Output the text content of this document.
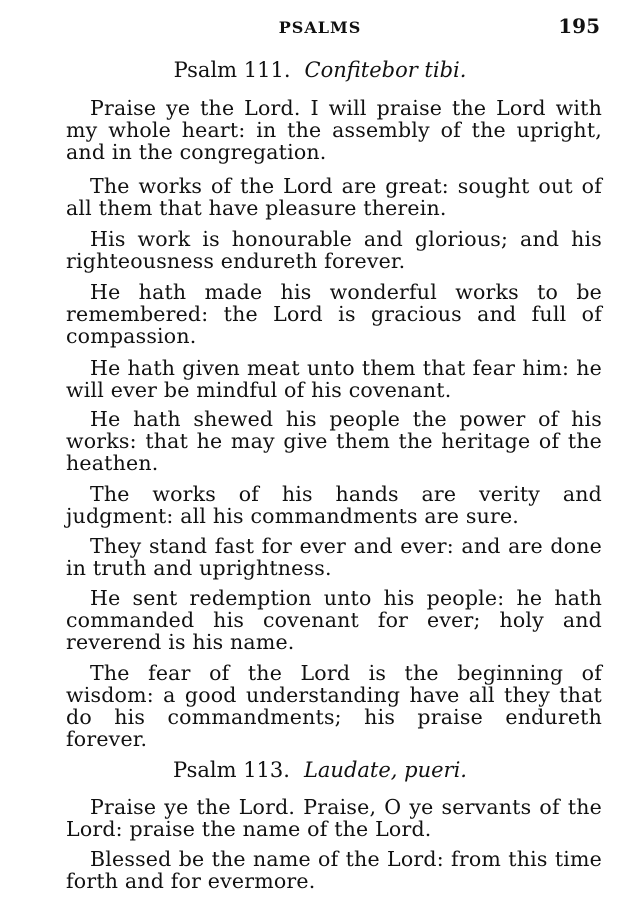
PSALMS	195
Psalm 111. Confitebor tibi.

Praise ye the Lord. I will praise the Lord with my whole heart: in the assembly of the upright, and in the congregation.

The works of the Lord are great: sought out of all them that have pleasure therein.

His work is honourable and glorious; and his righteousness endureth forever.

He hath made his wonderful works to be remembered: the Lord is gracious and full of compassion.

He hath given meat unto them that fear him: he will ever be mindful of his covenant.

He hath shewed his people the power of his works: that he may give them the heritage of the heathen.

The works of his hands are verity and judgment: all his commandments are sure.

They stand fast for ever and ever: and are done in truth and uprightness.

He sent redemption unto his people: he hath commanded his covenant for ever; holy and reverend is his name.

The fear of the Lord is the beginning of wisdom: a good understanding have all they that do his commandments; his praise endureth forever.

Psalm 113. Laudate, pueri.

Praise ye the Lord. Praise, O ye servants of the Lord: praise the name of the Lord.

Blessed be the name of the Lord: from this time forth and for evermore.
